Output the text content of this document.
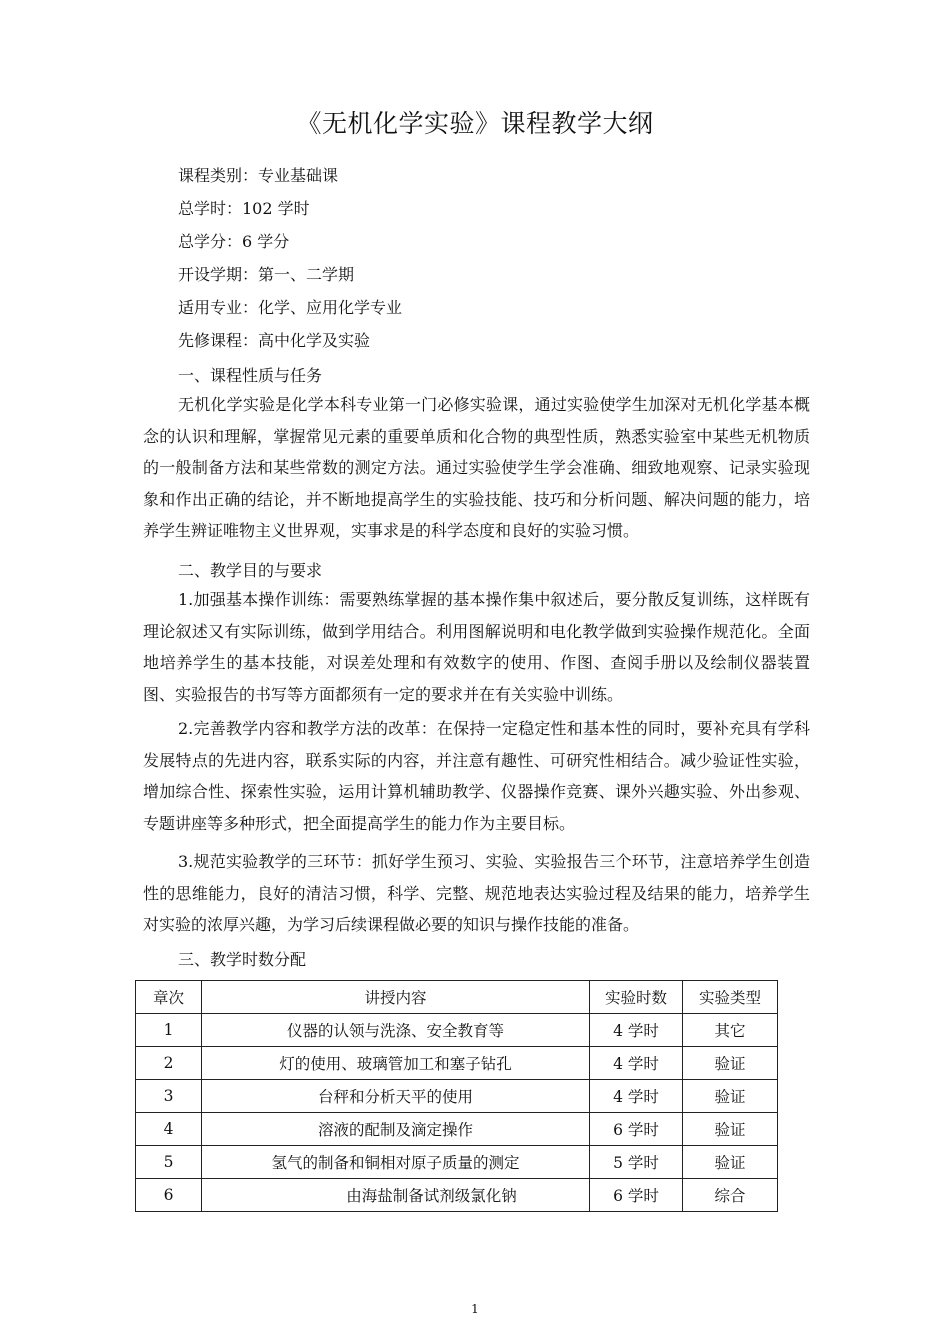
《无机化学实验》课程教学大纲
课程类别：专业基础课
总学时：102 学时
总学分：6 学分
开设学期：第一、二学期
适用专业：化学、应用化学专业
先修课程：高中化学及实验
一、课程性质与任务

无机化学实验是化学本科专业第一门必修实验课，通过实验使学生加深对无机化学基本概念的认识和理解，掌握常见元素的重要单质和化合物的典型性质，熟悉实验室中某些无机物质的一般制备方法和某些常数的测定方法。通过实验使学生学会准确、细致地观察、记录实验现象和作出正确的结论，并不断地提高学生的实验技能、技巧和分析问题、解决问题的能力，培养学生辨证唯物主义世界观，实事求是的科学态度和良好的实验习惯。

二、教学目的与要求

1.加强基本操作训练：需要熟练掌握的基本操作集中叙述后，要分散反复训练，这样既有理论叙述又有实际训练，做到学用结合。利用图解说明和电化教学做到实验操作规范化。全面地培养学生的基本技能，对误差处理和有效数字的使用、作图、查阅手册以及绘制仪器装置图、实验报告的书写等方面都须有一定的要求并在有关实验中训练。

2.完善教学内容和教学方法的改革：在保持一定稳定性和基本性的同时，要补充具有学科发展特点的先进内容，联系实际的内容，并注意有趣性、可研究性相结合。减少验证性实验，增加综合性、探索性实验，运用计算机辅助教学、仪器操作竞赛、课外兴趣实验、外出参观、专题讲座等多种形式，把全面提高学生的能力作为主要目标。

3.规范实验教学的三环节：抓好学生预习、实验、实验报告三个环节，注意培养学生创造性的思维能力，良好的清洁习惯，科学、完整、规范地表达实验过程及结果的能力，培养学生对实验的浓厚兴趣，为学习后续课程做必要的知识与操作技能的准备。

三、教学时数分配
章次	讲授内容	实验时数	实验类型
1	仪器的认领与洗涤、安全教育等	4 学时	其它
2	灯的使用、玻璃管加工和塞子钻孔	4 学时	验证
3	台秤和分析天平的使用	4 学时	验证
4	溶液的配制及滴定操作	6 学时	验证
5	氢气的制备和铜相对原子质量的测定	5 学时	验证
6	由海盐制备试剂级氯化钠	6 学时	综合
1
